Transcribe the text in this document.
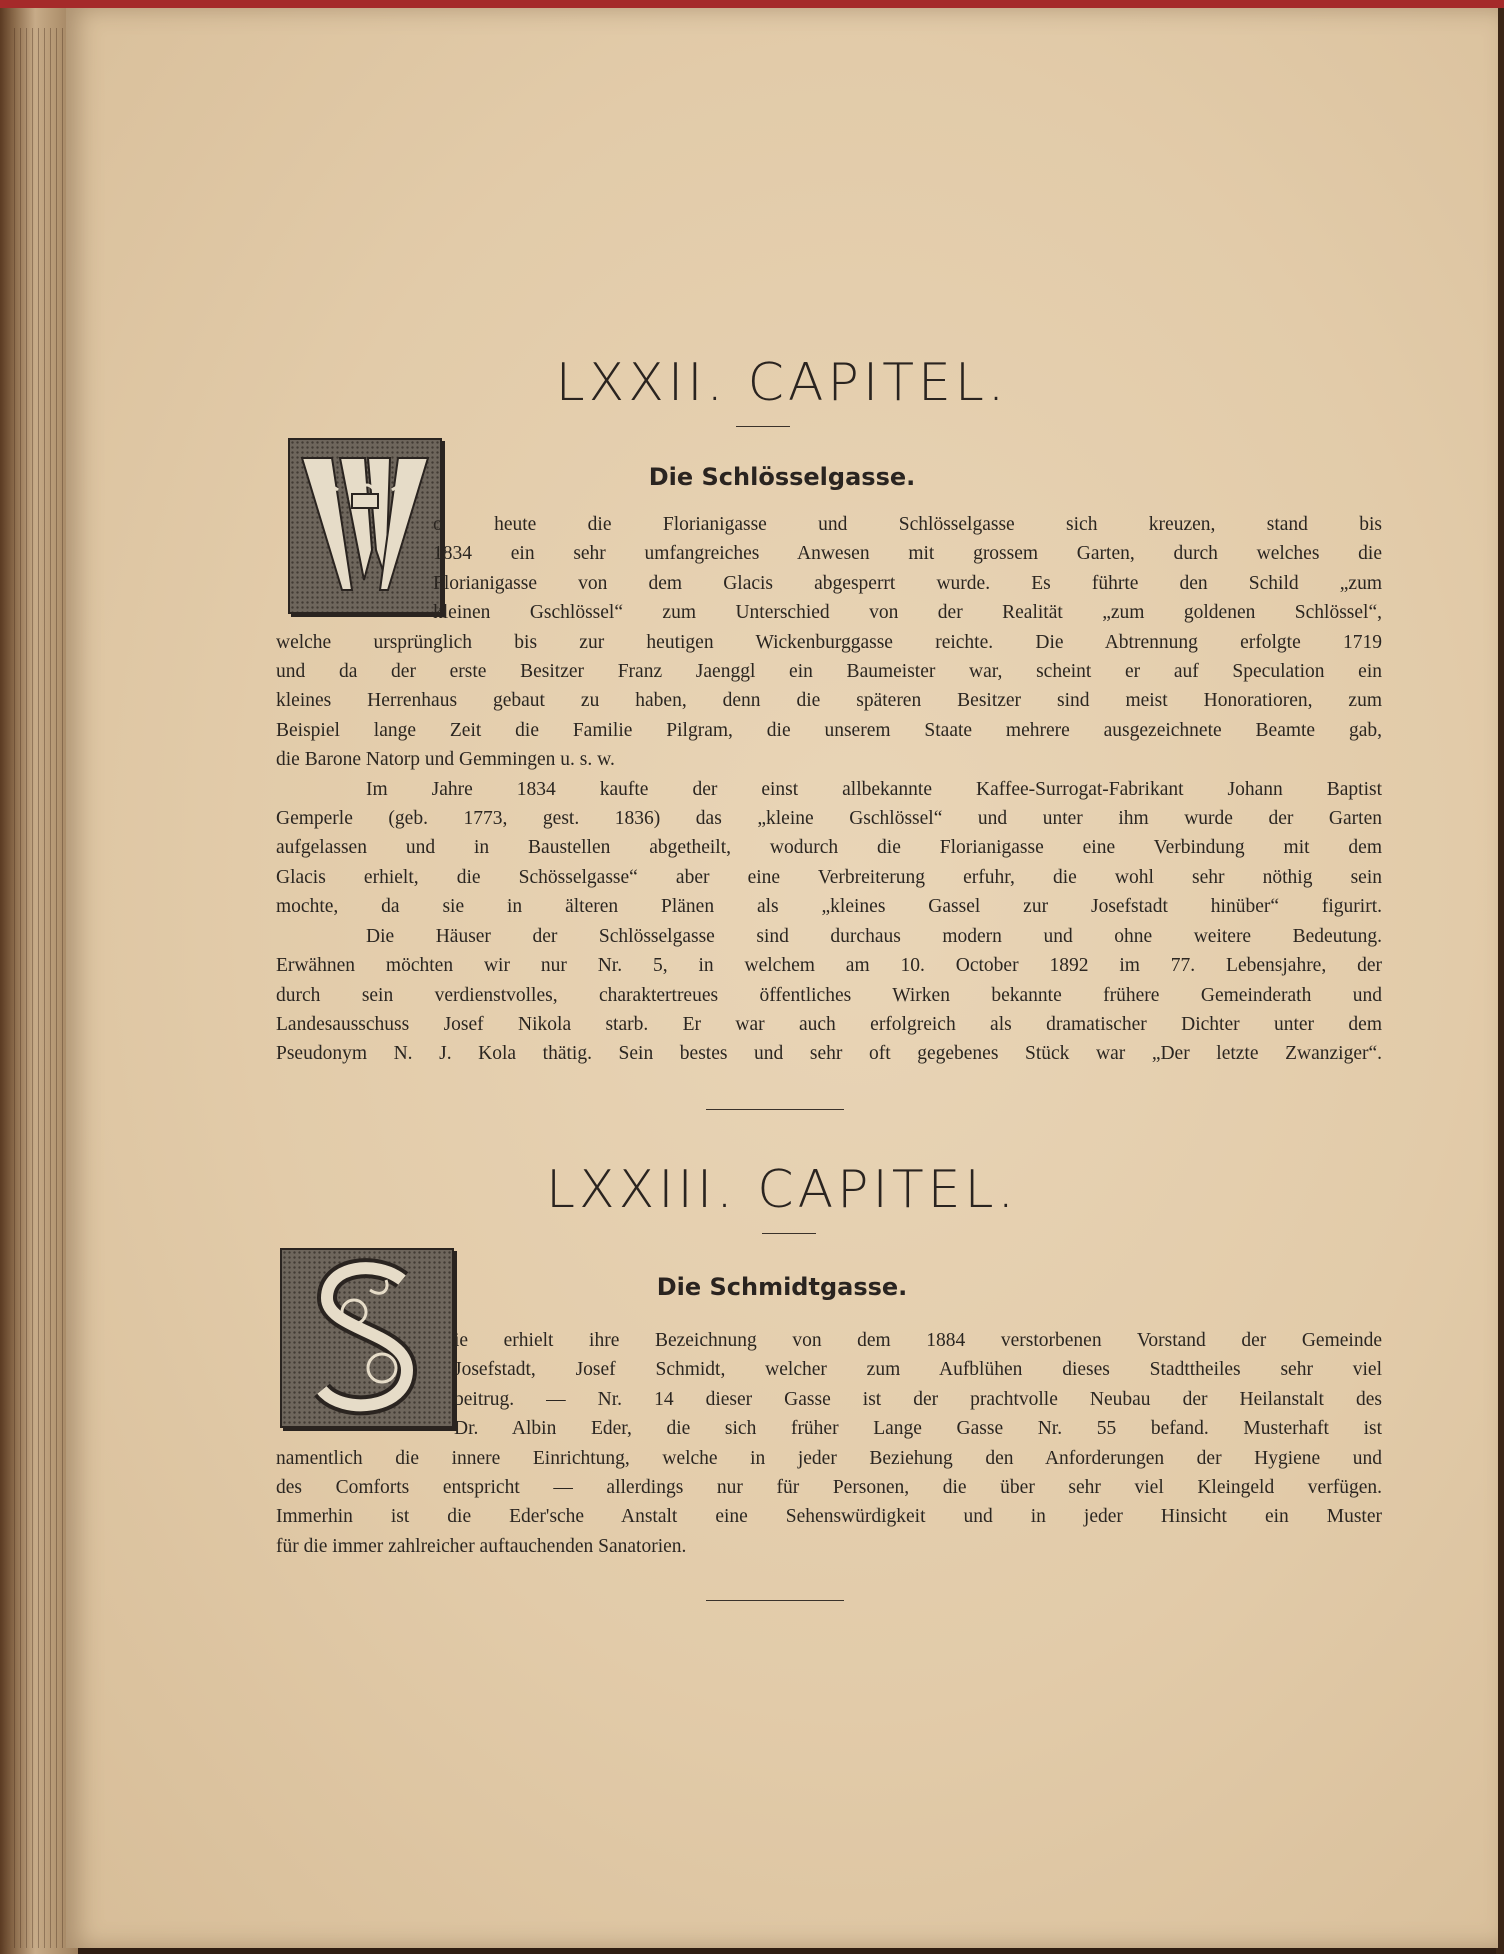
LXXII. CAPITEL.
Die Schlösselgasse.
o heute die Florianigasse und Schlösselgasse sich kreuzen, stand bis
1834 ein sehr umfangreiches Anwesen mit grossem Garten, durch welches die
Florianigasse von dem Glacis abgesperrt wurde. Es führte den Schild „zum
kleinen Gschlössel“ zum Unterschied von der Realität „zum goldenen Schlössel“,
welche ursprünglich bis zur heutigen Wickenburggasse reichte. Die Abtrennung erfolgte 1719
und da der erste Besitzer Franz Jaenggl ein Baumeister war, scheint er auf Speculation ein
kleines Herrenhaus gebaut zu haben, denn die späteren Besitzer sind meist Honoratioren, zum
Beispiel lange Zeit die Familie Pilgram, die unserem Staate mehrere ausgezeichnete Beamte gab,
die Barone Natorp und Gemmingen u. s. w.
Im Jahre 1834 kaufte der einst allbekannte Kaffee-Surrogat-Fabrikant Johann Baptist
Gemperle (geb. 1773, gest. 1836) das „kleine Gschlössel“ und unter ihm wurde der Garten
aufgelassen und in Baustellen abgetheilt, wodurch die Florianigasse eine Verbindung mit dem
Glacis erhielt, die Schösselgasse“ aber eine Verbreiterung erfuhr, die wohl sehr nöthig sein
mochte, da sie in älteren Plänen als „kleines Gassel zur Josefstadt hinüber“ figurirt.
Die Häuser der Schlösselgasse sind durchaus modern und ohne weitere Bedeutung.
Erwähnen möchten wir nur Nr. 5, in welchem am 10. October 1892 im 77. Lebensjahre, der
durch sein verdienstvolles, charaktertreues öffentliches Wirken bekannte frühere Gemeinderath und
Landesausschuss Josef Nikola starb. Er war auch erfolgreich als dramatischer Dichter unter dem
Pseudonym N. J. Kola thätig. Sein bestes und sehr oft gegebenes Stück war „Der letzte Zwanziger“.
LXXIII. CAPITEL.
Die Schmidtgasse.
ie erhielt ihre Bezeichnung von dem 1884 verstorbenen Vorstand der Gemeinde
Josefstadt, Josef Schmidt, welcher zum Aufblühen dieses Stadttheiles sehr viel
beitrug. — Nr. 14 dieser Gasse ist der prachtvolle Neubau der Heilanstalt des
Dr. Albin Eder, die sich früher Lange Gasse Nr. 55 befand. Musterhaft ist
namentlich die innere Einrichtung, welche in jeder Beziehung den Anforderungen der Hygiene und
des Comforts entspricht — allerdings nur für Personen, die über sehr viel Kleingeld verfügen.
Immerhin ist die Eder'sche Anstalt eine Sehenswürdigkeit und in jeder Hinsicht ein Muster
für die immer zahlreicher auftauchenden Sanatorien.
